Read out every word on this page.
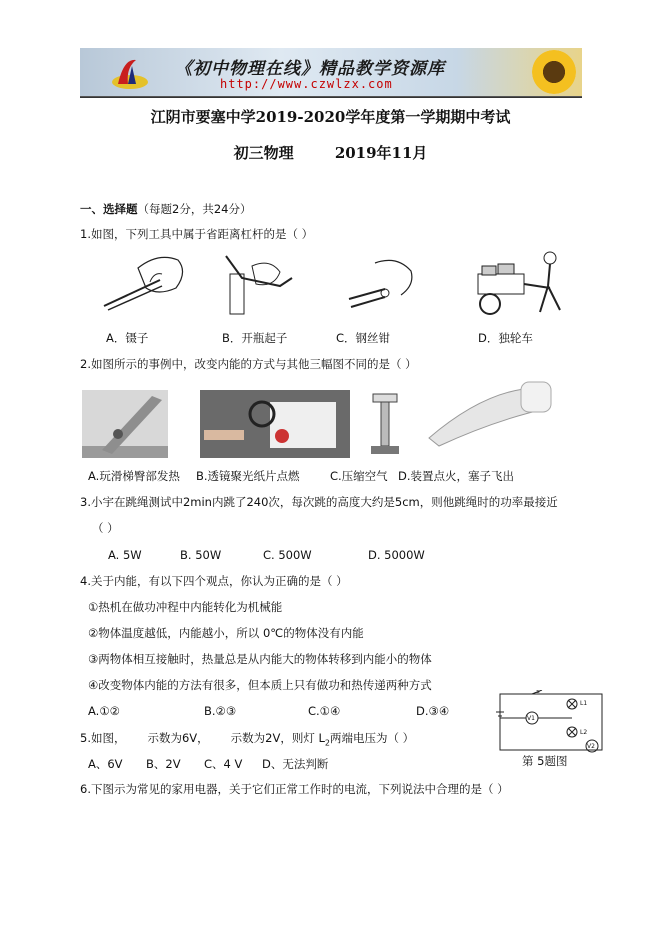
《初中物理在线》精品教学资源库
http://www.czwlzx.com
江阴市要塞中学2019-2020学年度第一学期期中考试
初三物理	2019年11月
一、选择题（每题2分，共24分）
1.如图，下列工具中属于省距离杠杆的是（ ）
A．镊子	B．开瓶起子	C．钢丝钳	D．独轮车
2.如图所示的事例中，改变内能的方式与其他三幅图不同的是（ ）
A.玩滑梯臀部发热 B.透镜聚光纸片点燃	C.压缩空气 D.装置点火，塞子飞出
3.小宇在跳绳测试中2min内跳了240次，每次跳的高度大约是5cm，则他跳绳时的功率最接近
（ ）
A. 5W	B. 50W	C. 500W	D. 5000W
4.关于内能，有以下四个观点，你认为正确的是（ ）
①热机在做功冲程中内能转化为机械能
②物体温度越低，内能越小，所以 0℃的物体没有内能
③两物体相互接触时，热量总是从内能大的物体转移到内能小的物体
④改变物体内能的方法有很多，但本质上只有做功和热传递两种方式
A.①②	B.②③	C.①④	D.③④
S
L1
L2
V1
V2
第 5题图
5.如图， 示数为6V， 示数为2V，则灯 $L_2$两端电压为（ ）
A、6V B、2V C、4 V D、无法判断
6.下图示为常见的家用电器，关于它们正常工作时的电流，下列说法中合理的是（ ）
